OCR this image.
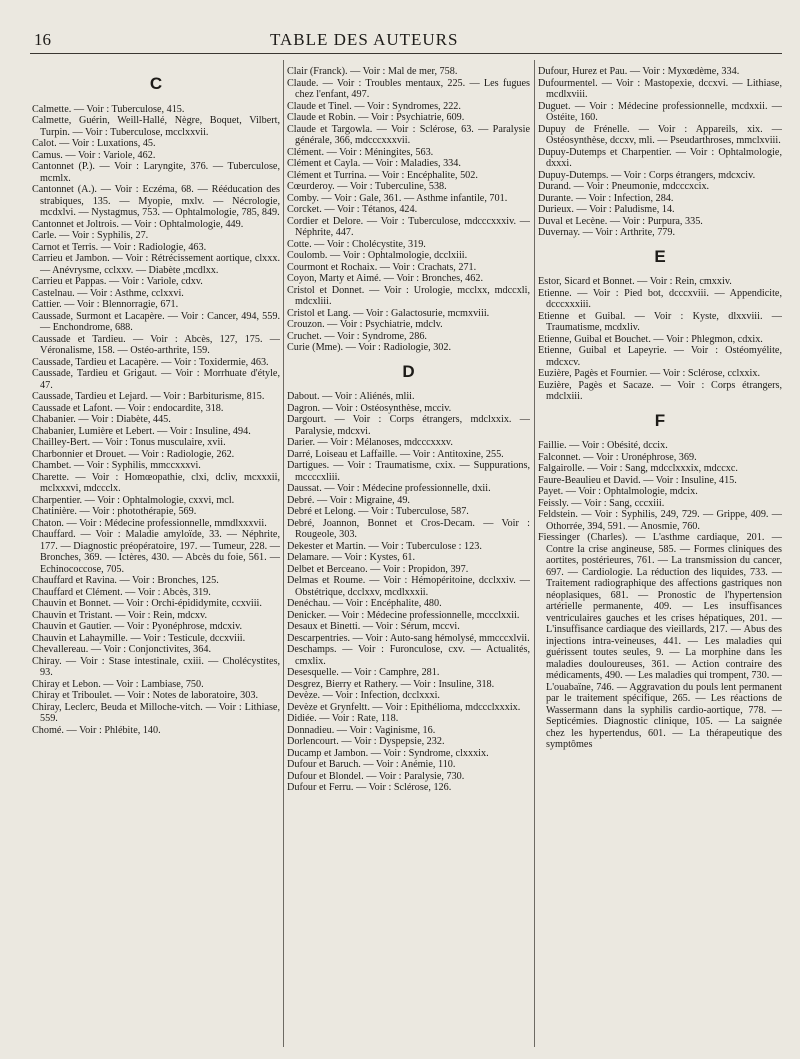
16	TABLE DES AUTEURS
C

Calmette. — Voir : Tuberculose, 415.

Calmette, Guérin, Weill-Hallé, Nègre, Boquet, Vilbert, Turpin. — Voir : Tuberculose, mcclxxvii.

Calot. — Voir : Luxations, 45.

Camus. — Voir : Variole, 462.

Cantonnet (P.). — Voir : Laryngite, 376. — Tuberculose, mcmlx.

Cantonnet (A.). — Voir : Eczéma, 68. — Rééducation des strabiques, 135. — Myopie, mxlv. — Nécrologie, mcdxlvi. — Nystagmus, 753. — Ophtalmologie, 785, 849.

Cantonnet et Joltrois. — Voir : Ophtalmologie, 449.

Carle. — Voir : Syphilis, 27.

Carnot et Terris. — Voir : Radiologie, 463.

Carrieu et Jambon. — Voir : Rétrécissement aortique, clxxx. — Anévrysme, cclxxv. — Diabète ,mcdlxx.

Carrieu et Pappas. — Voir : Variole, cdxv.

Castelnau. — Voir : Asthme, cclxxvi.

Cattier. — Voir : Blennorragie, 671.

Caussade, Surmont et Lacapère. — Voir : Cancer, 494, 559. — Enchondrome, 688.

Caussade et Tardieu. — Voir : Abcès, 127, 175. — Véronalisme, 158. — Ostéo-arthrite, 159.

Caussade, Tardieu et Lacapère. — Voir : Toxidermie, 463.

Caussade, Tardieu et Grigaut. — Voir : Morrhuate d'étyle, 47.

Caussade, Tardieu et Lejard. — Voir : Barbiturisme, 815.

Caussade et Lafont. — Voir : endocardite, 318.

Chabanier. — Voir : Diabète, 445.

Chabanier, Lumière et Lebert. — Voir : Insuline, 494.

Chailley-Bert. — Voir : Tonus musculaire, xvii.

Charbonnier et Drouet. — Voir : Radiologie, 262.

Chambet. — Voir : Syphilis, mmccxxxvi.

Charette. — Voir : Homœopathie, clxi, dcliv, mcxxxii, mclxxxvi, mdccclx.

Charpentier. — Voir : Ophtalmologie, cxxvi, mcl.

Chatinière. — Voir : photothérapie, 569.

Chaton. — Voir : Médecine professionnelle, mmdlxxxvii.

Chauffard. — Voir : Maladie amyloïde, 33. — Néphrite, 177. — Diagnostic préopératoire, 197. — Tumeur, 228. — Bronches, 369. — Ictères, 430. — Abcès du foie, 561. — Echinococcose, 705.

Chauffard et Ravina. — Voir : Bronches, 125.

Chauffard et Clément. — Voir : Abcès, 319.

Chauvin et Bonnet. — Voir : Orchi-épididymite, ccxviii.

Chauvin et Tristant. — Voir : Rein, mdcxv.

Chauvin et Gautier. — Voir : Pyonéphrose, mdcxiv.

Chauvin et Lahaymille. — Voir : Testicule, dccxviii.

Chevallereau. — Voir : Conjonctivites, 364.

Chiray. — Voir : Stase intestinale, cxiii. — Cholécystites, 93.

Chiray et Lebon. — Voir : Lambiase, 750.

Chiray et Triboulet. — Voir : Notes de laboratoire, 303.

Chiray, Leclerc, Beuda et Milloche-vitch. — Voir : Lithiase, 559.

Chomé. — Voir : Phlébite, 140.

Clair (Franck). — Voir : Mal de mer, 758.

Claude. — Voir : Troubles mentaux, 225. — Les fugues chez l'enfant, 497.

Claude et Tinel. — Voir : Syndromes, 222.

Claude et Robin. — Voir : Psychiatrie, 609.

Claude et Targowla. — Voir : Sclérose, 63. — Paralysie générale, 366, mdcccxxxvii.

Clément. — Voir : Méningites, 563.

Clément et Cayla. — Voir : Maladies, 334.

Clément et Turrina. — Voir : Encéphalite, 502.

Cœurderoy. — Voir : Tuberculine, 538.

Comby. — Voir : Gale, 361. — Asthme infantile, 701.

Corcket. — Voir : Tétanos, 424.

Cordier et Delore. — Voir : Tuberculose, mdcccxxxiv. — Néphrite, 447.

Cotte. — Voir : Cholécystite, 319.

Coulomb. — Voir : Ophtalmologie, dcclxiii.

Courmont et Rochaix. — Voir : Crachats, 271.

Coyon, Marty et Aimé. — Voir : Bronches, 462.

Cristol et Donnet. — Voir : Urologie, mcclxx, mdccxli, mdcxliii.

Cristol et Lang. — Voir : Galactosurie, mcmxviii.

Crouzon. — Voir : Psychiatrie, mdclv.

Cruchet. — Voir : Syndrome, 286.

Curie (Mme). — Voir : Radiologie, 302.

D

Dabout. — Voir : Aliénés, mlii.

Dagron. — Voir : Ostéosynthèse, mcciv.

Dargourt. — Voir : Corps étrangers, mdclxxix. — Paralysie, mdcxvi.

Darier. — Voir : Mélanoses, mdcccxxxv.

Darré, Loiseau et Laffaille. — Voir : Antitoxine, 255.

Dartigues. — Voir : Traumatisme, cxix. — Suppurations, mccccxliii.

Daussat. — Voir : Médecine professionnelle, dxii.

Debré. — Voir : Migraine, 49.

Debré et Lelong. — Voir : Tuberculose, 587.

Debré, Joannon, Bonnet et Cros-Decam. — Voir : Rougeole, 303.

Dekester et Martin. — Voir : Tuberculose : 123.

Delamare. — Voir : Kystes, 61.

Delbet et Berceano. — Voir : Propidon, 397.

Delmas et Roume. — Voir : Hémopéritoine, dcclxxiv. — Obstétrique, dcclxxv, mcdlxxxii.

Denéchau. — Voir : Encéphalite, 480.

Denicker. — Voir : Médecine professionnelle, mccclxxii.

Desaux et Binetti. — Voir : Sérum, mccvi.

Descarpentries. — Voir : Auto-sang hémolysé, mmcccxlvii.

Deschamps. — Voir : Furonculose, cxv. — Actualités, cmxlix.

Desesquelle. — Voir : Camphre, 281.

Desgrez, Bierry et Rathery. — Voir : Insuline, 318.

Devèze. — Voir : Infection, dcclxxxi.

Devèze et Grynfeltt. — Voir : Epithélioma, mdccclxxxix.

Didiée. — Voir : Rate, 118.

Donnadieu. — Voir : Vaginisme, 16.

Dorlencourt. — Voir : Dyspepsie, 232.

Ducamp et Jambon. — Voir : Syndrome, clxxxix.

Dufour et Baruch. — Voir : Anémie, 110.

Dufour et Blondel. — Voir : Paralysie, 730.

Dufour et Ferru. — Voir : Sclérose, 126.

Dufour, Hurez et Pau. — Voir : Myxœdème, 334.

Dufourmentel. — Voir : Mastopexie, dccxvi. — Lithiase, mcdlxviii.

Duguet. — Voir : Médecine professionnelle, mcdxxii. — Ostéite, 160.

Dupuy de Frénelle. — Voir : Appareils, xix. — Ostéosynthèse, dccxv, mli. — Pseudarthroses, mmclxviii.

Dupuy-Dutemps et Charpentier. — Voir : Ophtalmologie, dxxxi.

Dupuy-Dutemps. — Voir : Corps étrangers, mdcxciv.

Durand. — Voir : Pneumonie, mdcccxcix.

Durante. — Voir : Infection, 284.

Durieux. — Voir : Paludisme, 14.

Duval et Lecène. — Voir : Purpura, 335.

Duvernay. — Voir : Arthrite, 779.

E

Estor, Sicard et Bonnet. — Voir : Rein, cmxxiv.

Etienne. — Voir : Pied bot, dcccxviii. — Appendicite, dcccxxxiii.

Etienne et Guibal. — Voir : Kyste, dlxxviii. — Traumatisme, mcdxliv.

Etienne, Guibal et Bouchet. — Voir : Phlegmon, cdxix.

Etienne, Guibal et Lapeyrie. — Voir : Ostéomyélite, mdcxcv.

Euzière, Pagès et Fournier. — Voir : Sclérose, cclxxix.

Euzière, Pagès et Sacaze. — Voir : Corps étrangers, mdclxiii.

F

Faillie. — Voir : Obésité, dccix.

Falconnet. — Voir : Uronéphrose, 369.

Falgairolle. — Voir : Sang, mdcclxxxix, mdccxc.

Faure-Beaulieu et David. — Voir : Insuline, 415.

Payet. — Voir : Ophtalmologie, mdcix.

Feissly. — Voir : Sang, cccxiii.

Feldstein. — Voir : Syphilis, 249, 729. — Grippe, 409. — Othorrée, 394, 591. — Anosmie, 760.

Fiessinger (Charles). — L'asthme cardiaque, 201. — Contre la crise angineuse, 585. — Formes cliniques des aortites, postérieures, 761. — La transmission du cancer, 697. — Cardiologie. La réduction des liquides, 733. — Traitement radiographique des affections gastriques non néoplasiques, 681. — Pronostic de l'hypertension artérielle permanente, 409. — Les insuffisances ventriculaires gauches et les crises hépatiques, 201. — L'insuffisance cardiaque des vieillards, 217. — Abus des injections intra-veineuses, 441. — Les maladies qui guérissent toutes seules, 9. — La morphine dans les maladies douloureuses, 361. — Action contraire des médicaments, 490. — Les maladies qui trompent, 730. — L'ouabaïne, 746. — Aggravation du pouls lent permanent par le traitement spécifique, 265. — Les réactions de Wassermann dans la syphilis cardio-aortique, 778. — Septicémies. Diagnostic clinique, 105. — La saignée chez les hypertendus, 601. — La thérapeutique des symptômes
